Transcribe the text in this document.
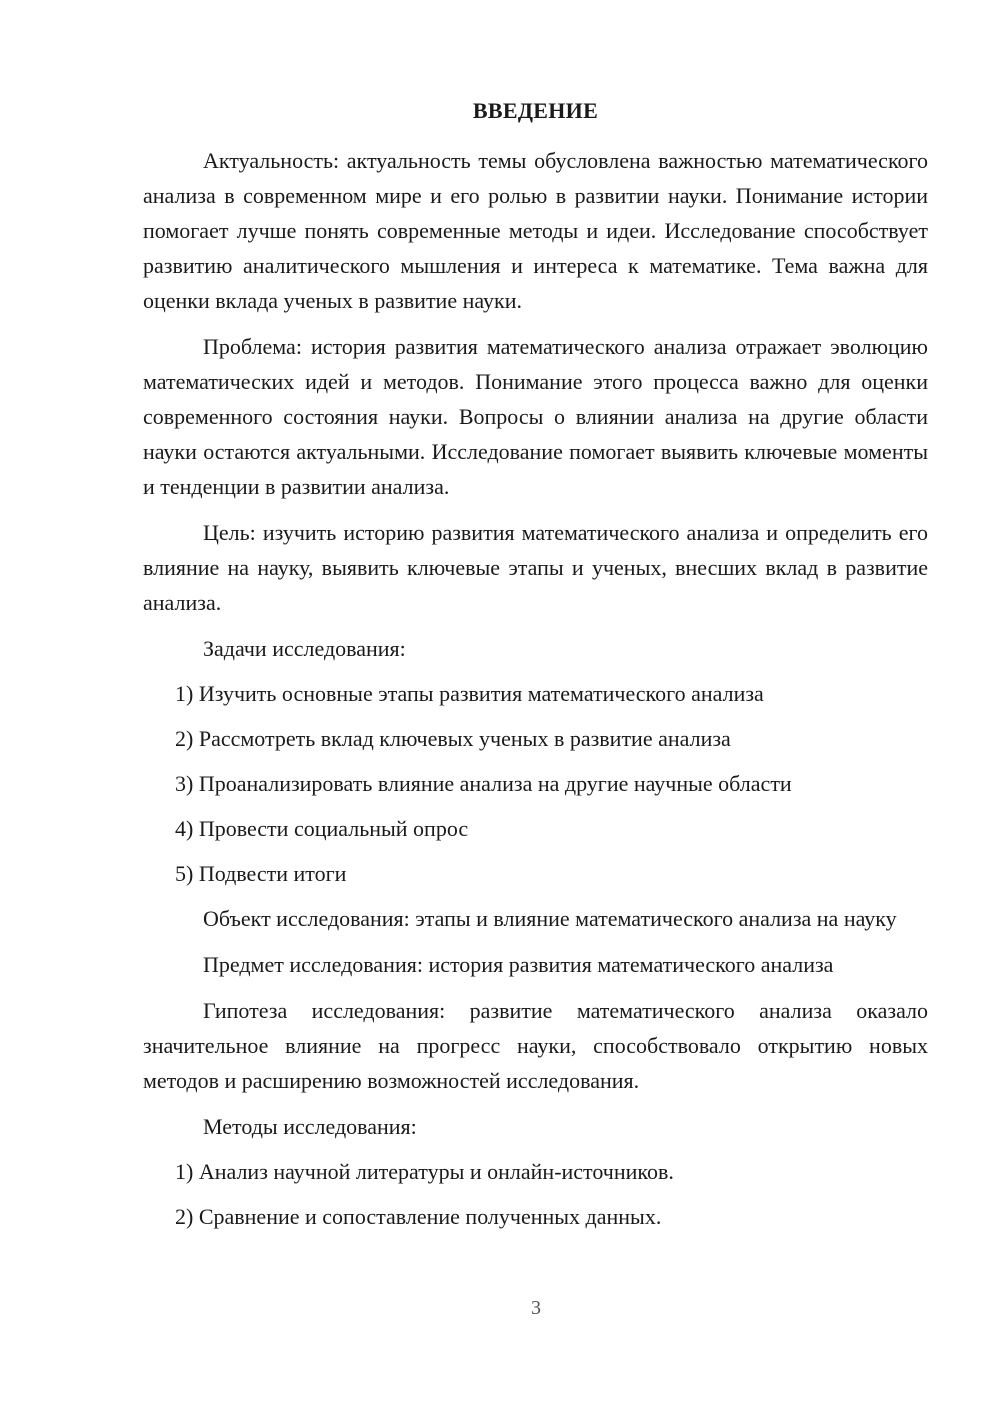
ВВЕДЕНИЕ

Актуальность: актуальность темы обусловлена важностью математического анализа в современном мире и его ролью в развитии науки. Понимание истории помогает лучше понять современные методы и идеи. Исследование способствует развитию аналитического мышления и интереса к математике. Тема важна для оценки вклада ученых в развитие науки.

Проблема: история развития математического анализа отражает эволюцию математических идей и методов. Понимание этого процесса важно для оценки современного состояния науки. Вопросы о влиянии анализа на другие области науки остаются актуальными. Исследование помогает выявить ключевые моменты и тенденции в развитии анализа.

Цель: изучить историю развития математического анализа и определить его влияние на науку, выявить ключевые этапы и ученых, внесших вклад в развитие анализа.

Задачи исследования:
1) Изучить основные этапы развития математического анализа
2) Рассмотреть вклад ключевых ученых в развитие анализа
3) Проанализировать влияние анализа на другие научные области
4) Провести социальный опрос
5) Подвести итоги

Объект исследования: этапы и влияние математического анализа на науку

Предмет исследования: история развития математического анализа

Гипотеза исследования: развитие математического анализа оказало значительное влияние на прогресс науки, способствовало открытию новых методов и расширению возможностей исследования.

Методы исследования:
1) Анализ научной литературы и онлайн-источников.
2) Сравнение и сопоставление полученных данных.
3
